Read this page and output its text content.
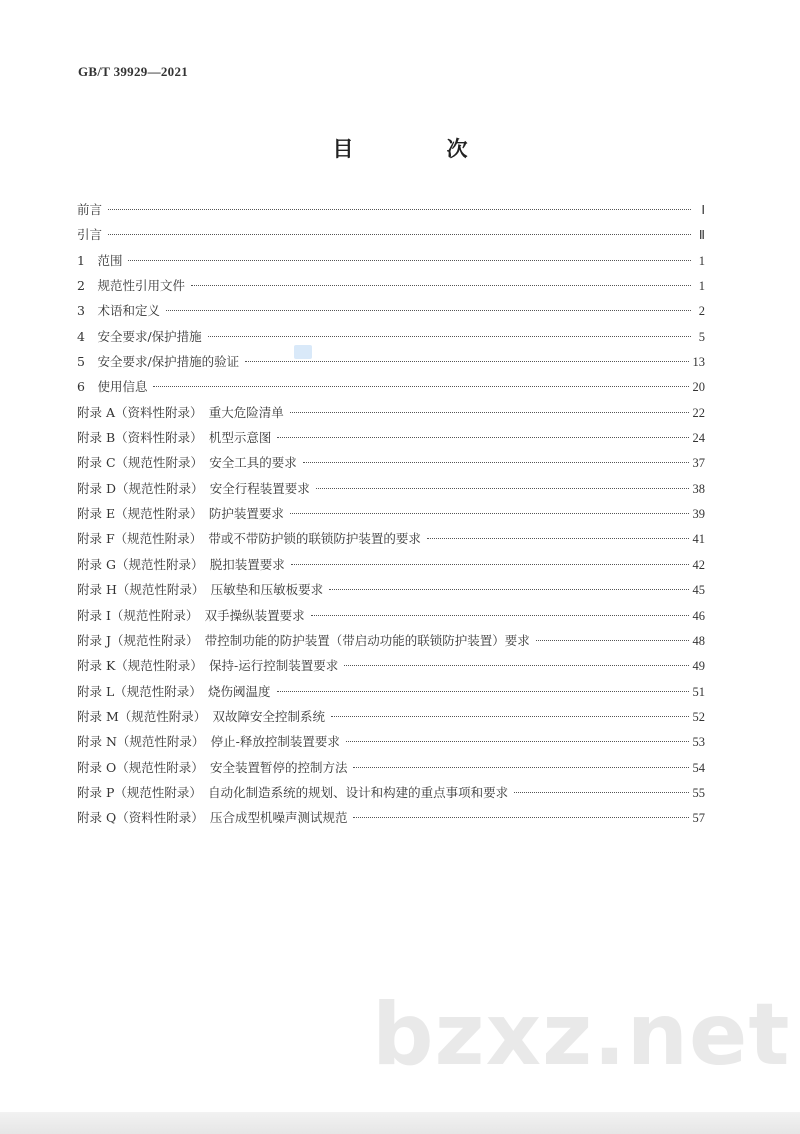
GB/T 39929—2021
目　次
前言	Ⅰ
引言	Ⅱ
1　范围	1
2　规范性引用文件	1
3　术语和定义	2
4　安全要求/保护措施	5
5　安全要求/保护措施的验证	13
6　使用信息	20
附录 A（资料性附录）　重大危险清单	22
附录 B（资料性附录）　机型示意图	24
附录 C（规范性附录）　安全工具的要求	37
附录 D（规范性附录）　安全行程装置要求	38
附录 E（规范性附录）　防护装置要求	39
附录 F（规范性附录）　带或不带防护锁的联锁防护装置的要求	41
附录 G（规范性附录）　脱扣装置要求	42
附录 H（规范性附录）　压敏垫和压敏板要求	45
附录 I（规范性附录）　双手操纵装置要求	46
附录 J（规范性附录）　带控制功能的防护装置（带启动功能的联锁防护装置）要求	48
附录 K（规范性附录）　保持-运行控制装置要求	49
附录 L（规范性附录）　烧伤阈温度	51
附录 M（规范性附录）　双故障安全控制系统	52
附录 N（规范性附录）　停止-释放控制装置要求	53
附录 O（规范性附录）　安全装置暂停的控制方法	54
附录 P（规范性附录）　自动化制造系统的规划、设计和构建的重点事项和要求	55
附录 Q（资料性附录）　压合成型机噪声测试规范	57
bzxz.net
